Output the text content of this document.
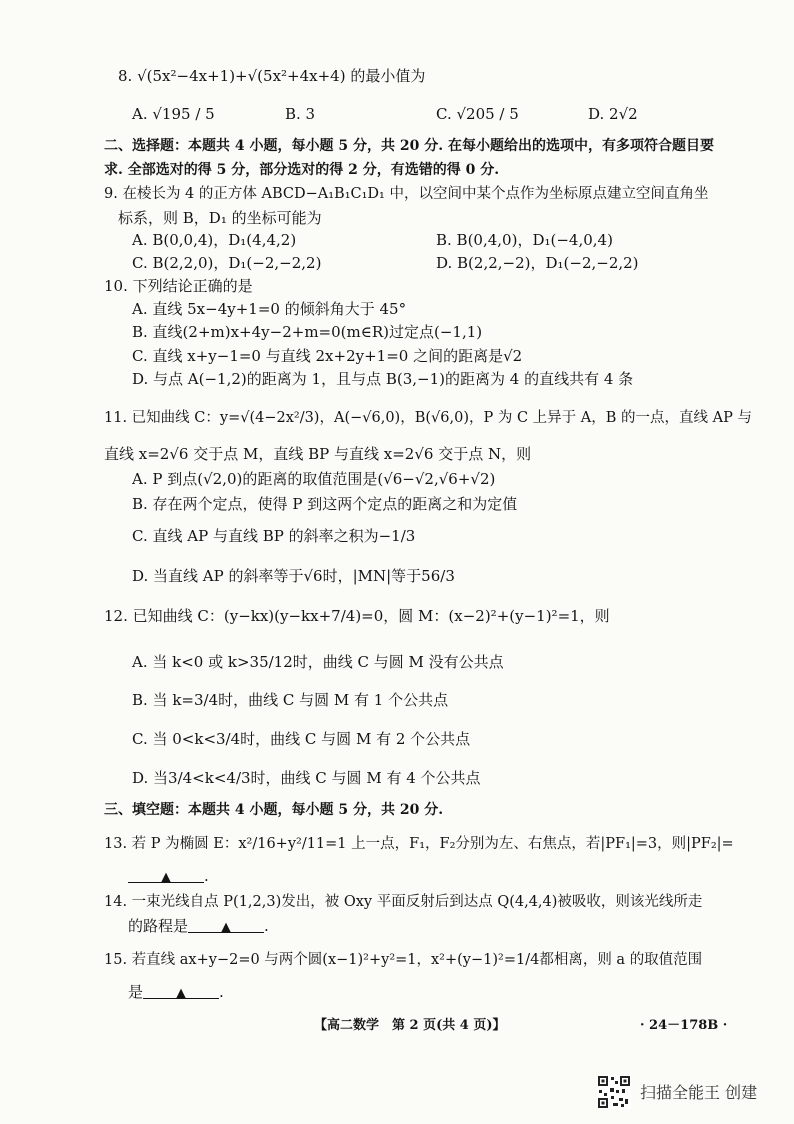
8. √(5x²−4x+1)+√(5x²+4x+4) 的最小值为
A. √195 / 5	B. 3	C. √205 / 5	D. 2√2
二、选择题：本题共 4 小题，每小题 5 分，共 20 分. 在每小题给出的选项中，有多项符合题目要
求. 全部选对的得 5 分，部分选对的得 2 分，有选错的得 0 分.
9. 在棱长为 4 的正方体 ABCD−A₁B₁C₁D₁ 中，以空间中某个点作为坐标原点建立空间直角坐
标系，则 B，D₁ 的坐标可能为
A. B(0,0,4)，D₁(4,4,2)	B. B(0,4,0)，D₁(−4,0,4)
C. B(2,2,0)，D₁(−2,−2,2)	D. B(2,2,−2)，D₁(−2,−2,2)
10. 下列结论正确的是
A. 直线 5x−4y+1=0 的倾斜角大于 45°
B. 直线(2+m)x+4y−2+m=0(m∈R)过定点(−1,1)
C. 直线 x+y−1=0 与直线 2x+2y+1=0 之间的距离是√2
D. 与点 A(−1,2)的距离为 1，且与点 B(3,−1)的距离为 4 的直线共有 4 条
11. 已知曲线 C：y=√(4−2x²/3)，A(−√6,0)，B(√6,0)，P 为 C 上异于 A，B 的一点，直线 AP 与
直线 x=2√6 交于点 M，直线 BP 与直线 x=2√6 交于点 N，则
A. P 到点(√2,0)的距离的取值范围是(√6−√2,√6+√2)
B. 存在两个定点，使得 P 到这两个定点的距离之和为定值
C. 直线 AP 与直线 BP 的斜率之积为−1/3
D. 当直线 AP 的斜率等于√6时，|MN|等于56/3
12. 已知曲线 C：(y−kx)(y−kx+7/4)=0，圆 M：(x−2)²+(y−1)²=1，则
A. 当 k<0 或 k>35/12时，曲线 C 与圆 M 没有公共点
B. 当 k=3/4时，曲线 C 与圆 M 有 1 个公共点
C. 当 0<k<3/4时，曲线 C 与圆 M 有 2 个公共点
D. 当3/4<k<4/3时，曲线 C 与圆 M 有 4 个公共点
三、填空题：本题共 4 小题，每小题 5 分，共 20 分.
13. 若 P 为椭圆 E：x²/16+y²/11=1 上一点，F₁，F₂分别为左、右焦点，若|PF₁|=3，则|PF₂|=
▲ .
14. 一束光线自点 P(1,2,3)发出，被 Oxy 平面反射后到达点 Q(4,4,4)被吸收，则该光线所走
的路程是	▲ .
15. 若直线 ax+y−2=0 与两个圆(x−1)²+y²=1，x²+(y−1)²=1/4都相离，则 a 的取值范围
是	▲ .
【高二数学　第 2 页(共 4 页)】	· 24－178B ·
扫描全能王 创建
